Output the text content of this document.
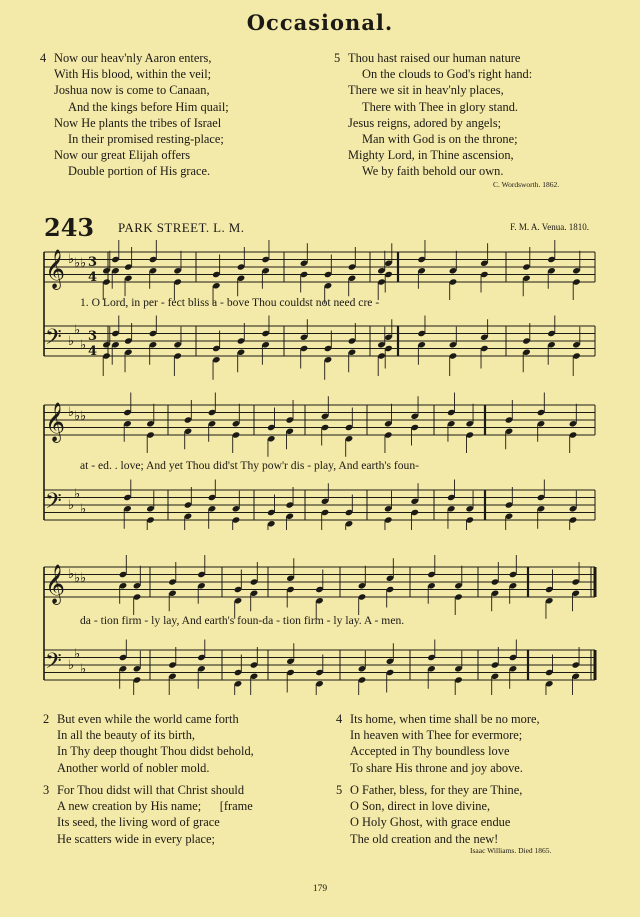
Occasional.
4 Now our heav'nly Aaron enters,
With His blood, within the veil;
Joshua now is come to Canaan,
And the kings before Him quail;
Now He plants the tribes of Israel
In their promised resting-place;
Now our great Elijah offers
Double portion of His grace.
5 Thou hast raised our human nature
On the clouds to God's right hand:
There we sit in heav'nly places,
There with Thee in glory stand.
Jesus reigns, adored by angels;
Man with God is on the throne;
Mighty Lord, in Thine ascension,
We by faith behold our own.
C. Wordsworth. 1862.
243 PARK STREET. L. M.	F. M. A. Venua. 1810.
𝄞 ♭ ♭ ♭ 3
4
𝄢 ♭
♭
♭
3
4
1. O Lord, in per - fect bliss a - bove Thou couldst not need cre -
𝄞 ♭ ♭ ♭
𝄢 ♭
♭
♭
at - ed. . love; And yet Thou did'st Thy pow'r dis - play, And earth's foun-
𝄞 ♭ ♭ ♭
𝄢 ♭
♭
♭
da - tion firm - ly lay, And earth's foun-da - tion firm - ly lay. A - men.
2 But even while the world came forth
In all the beauty of its birth,
In Thy deep thought Thou didst behold,
Another world of nobler mold.
3 For Thou didst will that Christ should
A new creation by His name;      [frame
Its seed, the living word of grace
He scatters wide in every place;
4 Its home, when time shall be no more,
In heaven with Thee for evermore;
Accepted in Thy boundless love
To share His throne and joy above.
5 O Father, bless, for they are Thine,
O Son, direct in love divine,
O Holy Ghost, with grace endue
The old creation and the new!
Isaac Williams. Died 1865.
179
